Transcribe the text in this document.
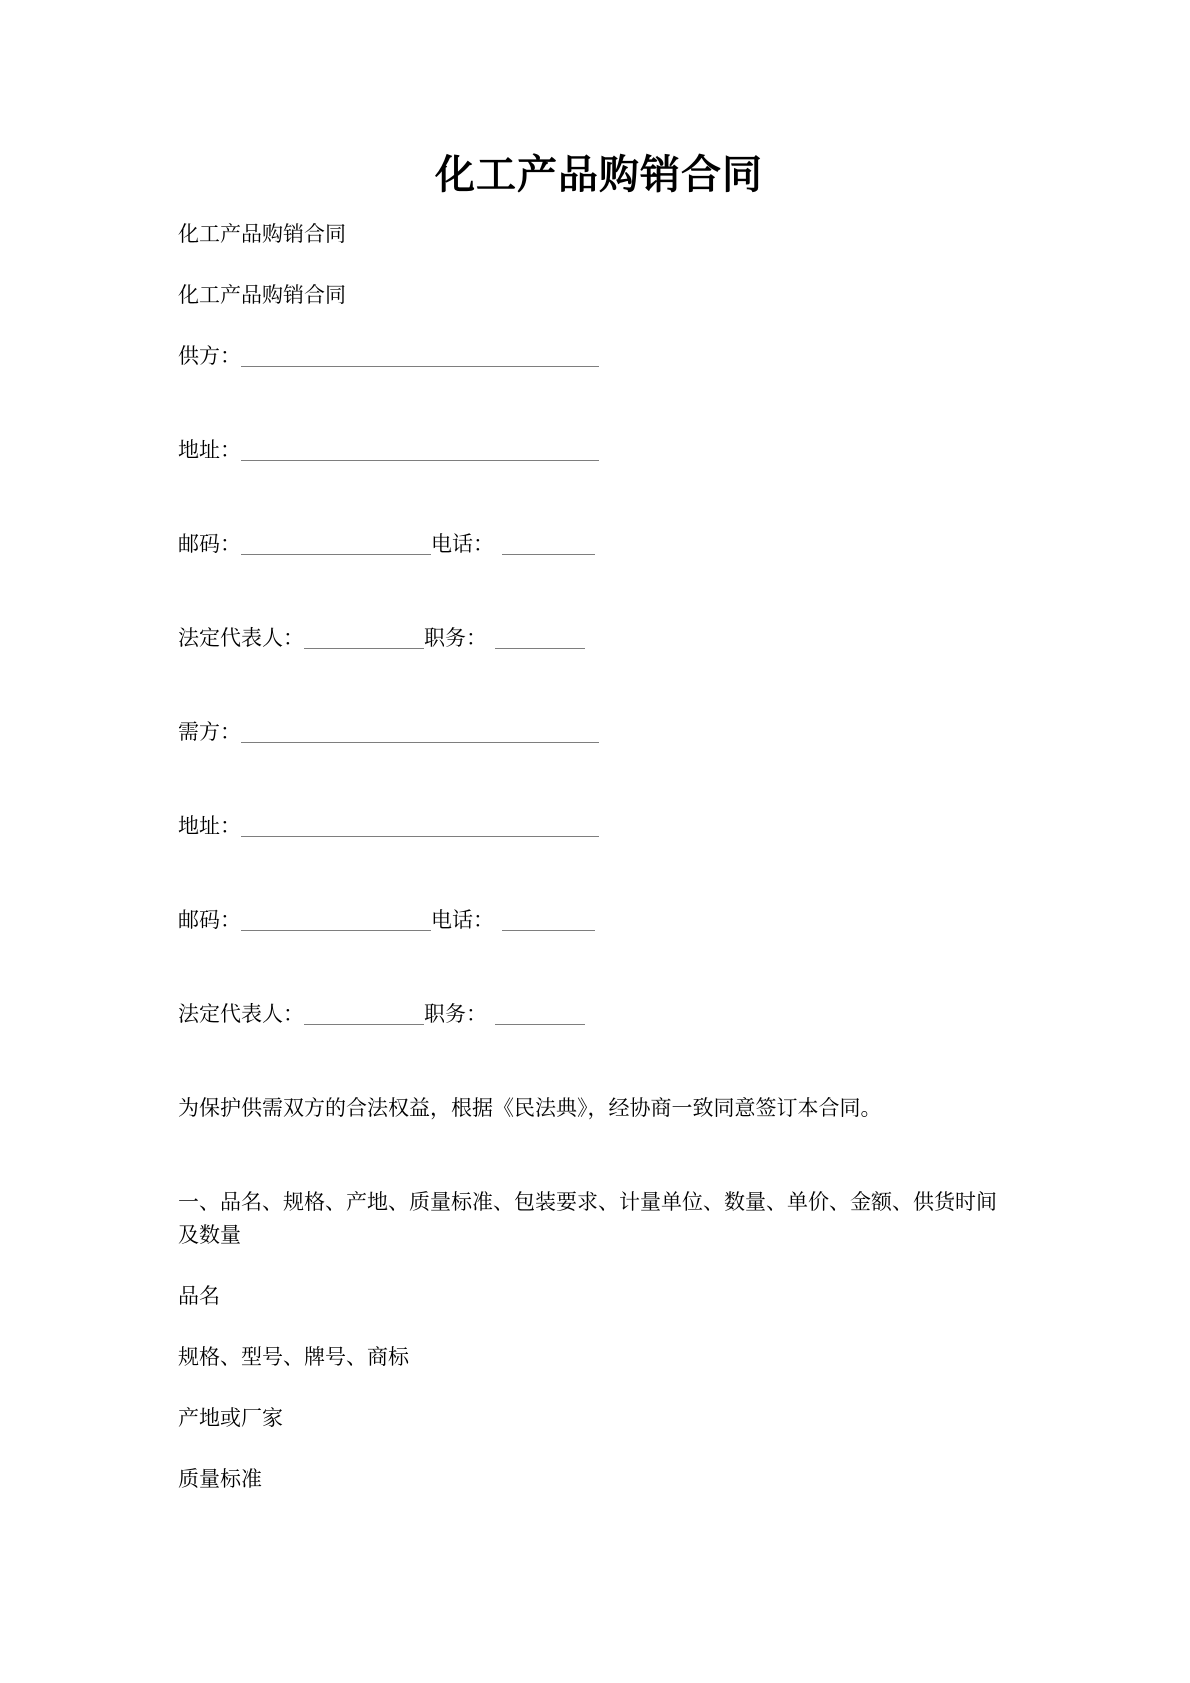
化工产品购销合同

化工产品购销合同

化工产品购销合同

供方：

地址：

邮码：	电话：

法定代表人：	职务：

需方：

地址：

邮码：	电话：

法定代表人：	职务：

为保护供需双方的合法权益，根据《民法典》，经协商一致同意签订本合同。

一、品名、规格、产地、质量标准、包装要求、计量单位、数量、单价、金额、供货时间及数量

品名

规格、型号、牌号、商标

产地或厂家

质量标准
